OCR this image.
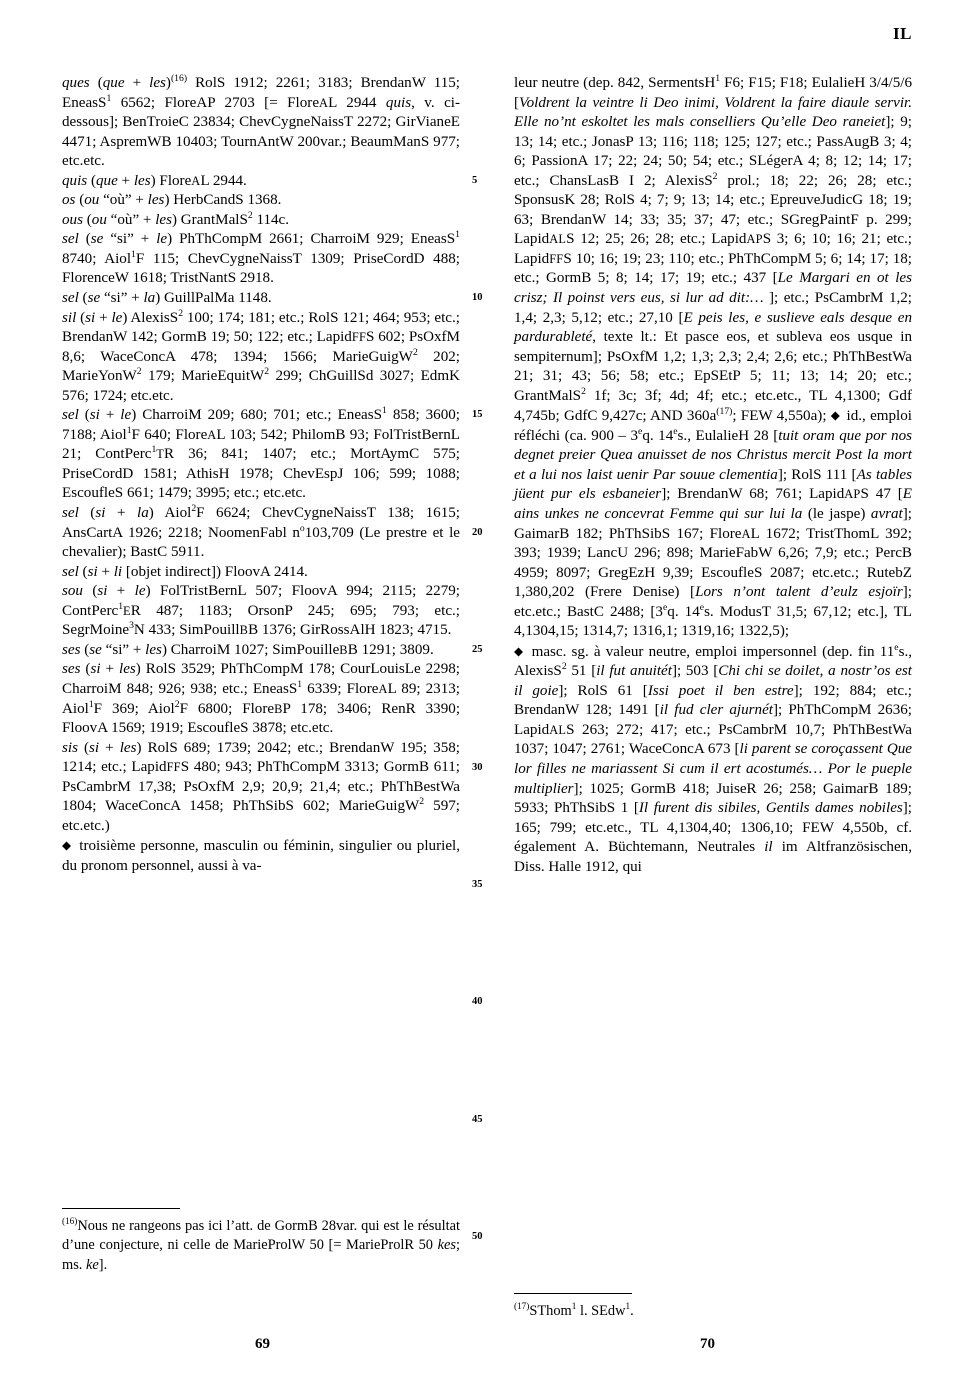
IL

ques (que + les)$^{(16)}$ RolS 1912; 2261; 3183; BrendanW 115; EneasS$^1$ 6562; FloreAP 2703 [= FloreAL 2944 quis, v. ci-dessous]; BenTroieC 23834; ChevCygneNaissT 2272; GirVianeE 4471; AspremWB 10403; TournAntW 200var.; BeaumManS 977; etc.etc.

quis (que + les) FloreAL 2944.

os (ou “où” + les) HerbCandS 1368.

ous (ou “où” + les) GrantMalS$^2$ 114c.

sel (se “si” + le) PhThCompM 2661; CharroiM 929; EneasS$^1$ 8740; Aiol$^1$F 115; ChevCygneNaissT 1309; PriseCordD 488; FlorenceW 1618; TristNantS 2918.

sel (se “si” + la) GuillPalMa 1148.

sil (si + le) AlexisS$^2$ 100; 174; 181; etc.; RolS 121; 464; 953; etc.; BrendanW 142; GormB 19; 50; 122; etc.; LapidFFS 602; PsOxfM 8,6; WaceConcA 478; 1394; 1566; MarieGuigW$^2$ 202; MarieYonW$^2$ 179; MarieEquitW$^2$ 299; ChGuillSd 3027; EdmK 576; 1724; etc.etc.

sel (si + le) CharroiM 209; 680; 701; etc.; EneasS$^1$ 858; 3600; 7188; Aiol$^1$F 640; FloreAL 103; 542; PhilomB 93; FolTristBernL 21; ContPerc$^1$TR 36; 841; 1407; etc.; MortAymC 575; PriseCordD 1581; AthisH 1978; ChevEspJ 106; 599; 1088; EscoufleS 661; 1479; 3995; etc.; etc.etc.

sel (si + la) Aiol$^2$F 6624; ChevCygneNaissT 138; 1615; AnsCartA 1926; 2218; NoomenFabl $n^o103,709$ (Le prestre et le chevalier); BastC 5911.

sel (si + li [objet indirect]) FloovA 2414.

sou (si + le) FolTristBernL 507; FloovA 994; 2115; 2279; ContPerc$^1$ER 487; 1183; OrsonP 245; 695; 793; etc.; SegrMoine$^3$N 433; SimPouillBB 1376; GirRossAlH 1823; 4715.

ses (se “si” + les) CharroiM 1027; SimPouilleBB 1291; 3809.

ses (si + les) RolS 3529; PhThCompM 178; CourLouisLe 2298; CharroiM 848; 926; 938; etc.; EneasS$^1$ 6339; FloreAL 89; 2313; Aiol$^1$F 369; Aiol$^2$F 6800; FloreBP 178; 3406; RenR 3390; FloovA 1569; 1919; EscoufleS 3878; etc.etc.

sis (si + les) RolS 689; 1739; 2042; etc.; BrendanW 195; 358; 1214; etc.; LapidFFS 480; 943; PhThCompM 3313; GormB 611; PsCambrM 17,38; PsOxfM 2,9; 20,9; 21,4; etc.; PhThBestWa 1804; WaceConcA 1458; PhThSibS 602; MarieGuigW$^2$ 597; etc.etc.)

◆ troisième personne, masculin ou féminin, singulier ou pluriel, du pronom personnel, aussi à va-

5
10
15
20
25
30
35
40
45
50

leur neutre (dep. 842, SermentsH$^1$ F6; F15; F18; EulalieH 3/4/5/6 [Voldrent la veintre li Deo inimi, Voldrent la faire diaule servir. Elle no’nt eskoltet les mals conselliers Qu’elle Deo raneiet]; 9; 13; 14; etc.; JonasP 13; 116; 118; 125; 127; etc.; PassAugB 3; 4; 6; PassionA 17; 22; 24; 50; 54; etc.; SLégerA 4; 8; 12; 14; 17; etc.; ChansLasB I 2; AlexisS$^2$ prol.; 18; 22; 26; 28; etc.; SponsusK 28; RolS 4; 7; 9; 13; 14; etc.; EpreuveJudicG 18; 19; 63; BrendanW 14; 33; 35; 37; 47; etc.; SGregPaintF p. 299; LapidALS 12; 25; 26; 28; etc.; LapidAPS 3; 6; 10; 16; 21; etc.; LapidFFS 10; 16; 19; 23; 110; etc.; PhThCompM 5; 6; 14; 17; 18; etc.; GormB 5; 8; 14; 17; 19; etc.; 437 [Le Margari en ot les crisz; Il poinst vers eus, si lur ad dit:… ]; etc.; PsCambrM 1,2; 1,4; 2,3; 5,12; etc.; 27,10 [E peis les, e suslieve eals desque en pardurableté, texte lt.: Et pasce eos, et subleva eos usque in sempiternum]; PsOxfM 1,2; 1,3; 2,3; 2,4; 2,6; etc.; PhThBestWa 21; 31; 43; 56; 58; etc.; EpSEtP 5; 11; 13; 14; 20; etc.; GrantMalS$^2$ 1f; 3c; 3f; 4d; 4f; etc.; etc.etc., TL 4,1300; Gdf 4,745b; GdfC 9,427c; AND $360a^{(17)}$; FEW 4,550a); ◆ id., emploi réfléchi (ca. 900 – 3eq. 14es., EulalieH 28 [tuit oram que por nos degnet preier Quea anuisset de nos Christus mercit Post la mort et a lui nos laist uenir Par souue clementia]; RolS 111 [As tables jüent pur els esbaneier]; BrendanW 68; 761; LapidAPS 47 [E ains unkes ne concevrat Femme qui sur lui la (le jaspe) avrat]; GaimarB 182; PhThSibS 167; FloreAL 1672; TristThomL 392; 393; 1939; LancU 296; 898; MarieFabW 6,26; 7,9; etc.; PercB 4959; 8097; GregEzH 9,39; EscoufleS 2087; etc.etc.; RutebZ 1,380,202 (Frere Denise) [Lors n’ont talent d’eulz esjoïr]; etc.etc.; BastC 2488; [3eq. 14es. ModusT 31,5; 67,12; etc.], TL 4,1304,15; 1314,7; 1316,1; 1319,16; 1322,5);

◆ masc. sg. à valeur neutre, emploi impersonnel (dep. fin 11es., AlexisS$^2$ 51 [il fut anuitét]; 503 [Chi chi se doilet, a nostr’os est il goie]; RolS 61 [Issi poet il ben estre]; 192; 884; etc.; BrendanW 128; 1491 [il fud cler ajurnét]; PhThCompM 2636; LapidALS 263; 272; 417; etc.; PsCambrM 10,7; PhThBestWa 1037; 1047; 2761; WaceConcA 673 [li parent se coroçassent Que lor filles ne mariassent Si cum il ert acostumés… Por le pueple multiplier]; 1025; GormB 418; JuiseR 26; 258; GaimarB 189; 5933; PhThSibS 1 [Il furent dis sibiles, Gentils dames nobiles]; 165; 799; etc.etc., TL 4,1304,40; 1306,10; FEW 4,550b, cf. également A. Büchtemann, Neutrales il im Altfranzösischen, Diss. Halle 1912, qui

$^{(16)}$Nous ne rangeons pas ici l’att. de GormB 28var. qui est le résultat d’une conjecture, ni celle de MarieProlW 50 [= MarieProlR 50 kes; ms. ke].

$^{(17)}$SThom$^1$ l. SEdw$^1$.

69	70
